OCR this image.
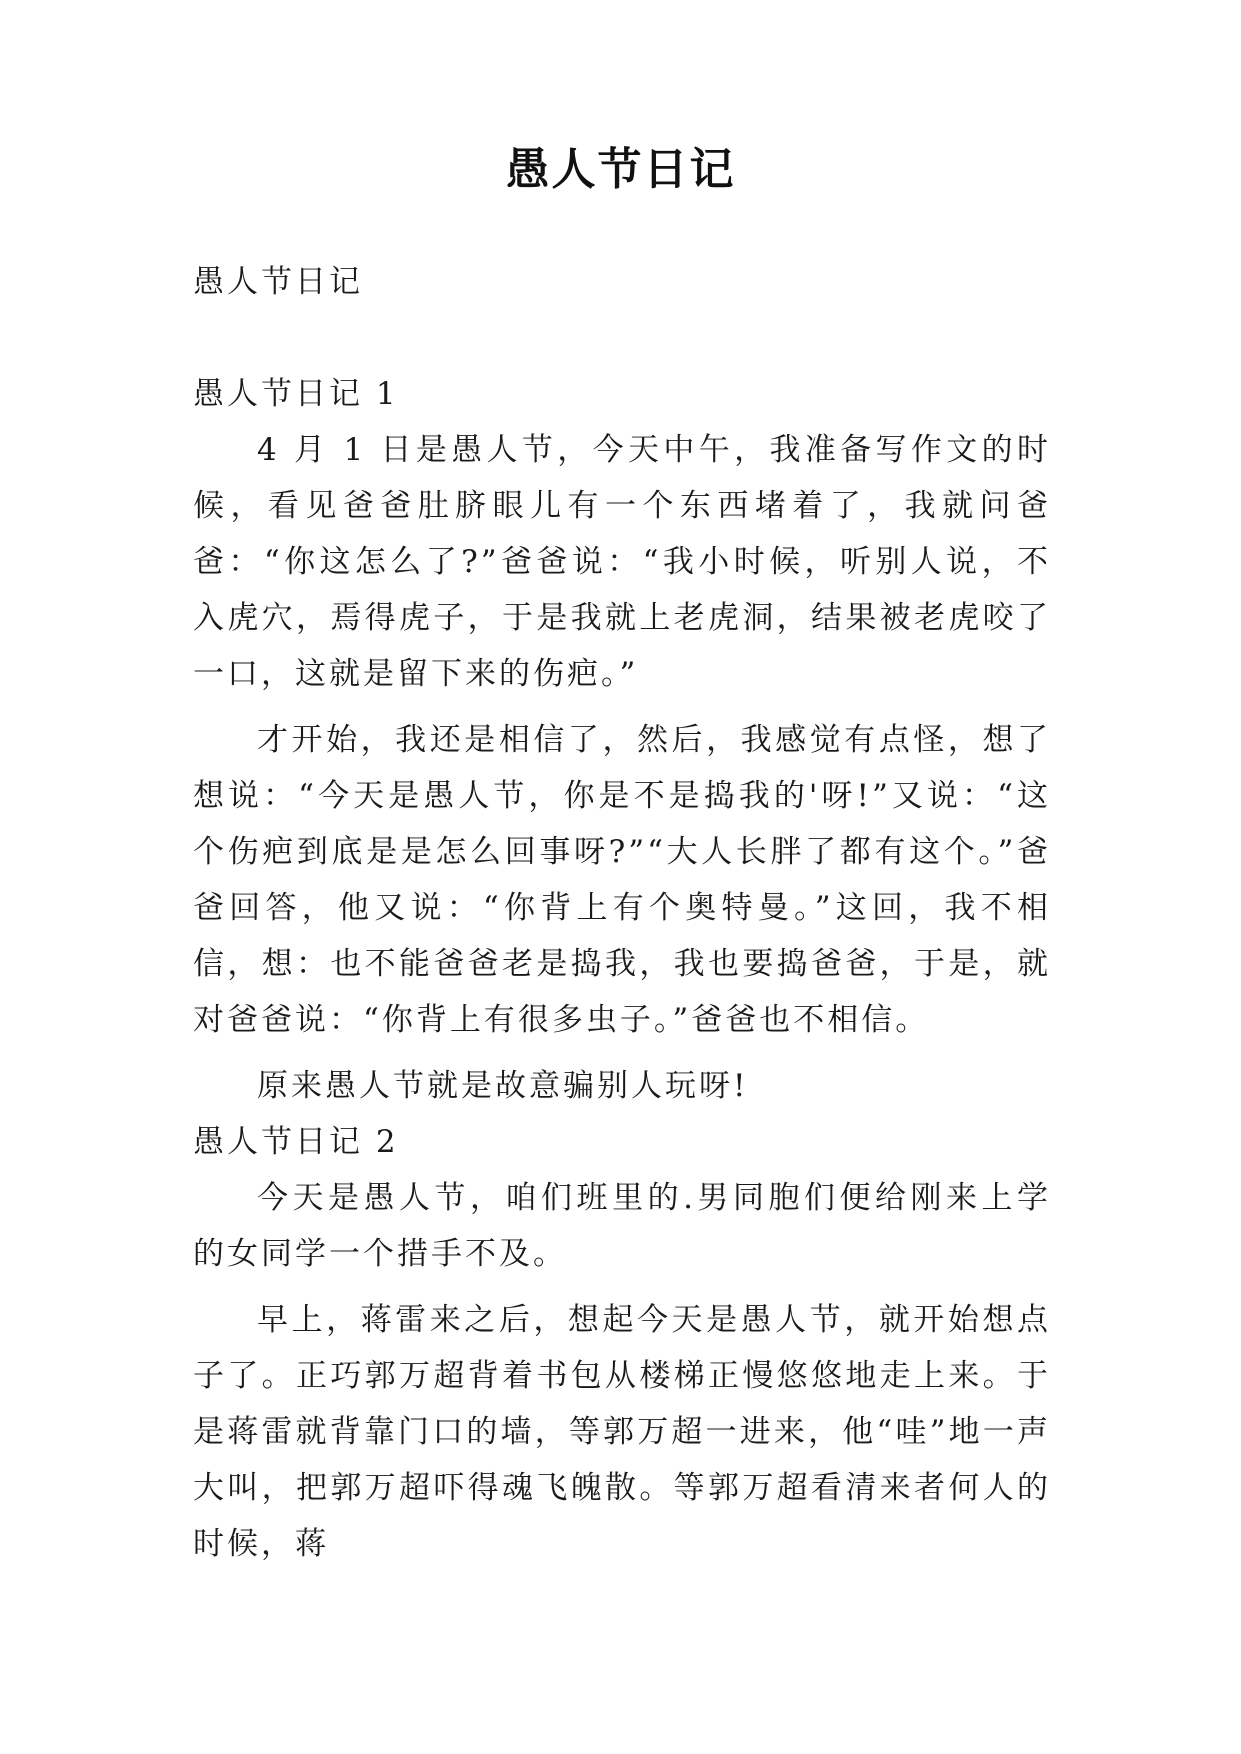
愚人节日记

愚人节日记

愚人节日记 1

4 月 1 日是愚人节，今天中午，我准备写作文的时候，看见爸爸肚脐眼儿有一个东西堵着了，我就问爸爸：“你这怎么了?”爸爸说：“我小时候，听别人说，不入虎穴，焉得虎子，于是我就上老虎洞，结果被老虎咬了一口，这就是留下来的伤疤。”

才开始，我还是相信了，然后，我感觉有点怪，想了想说：“今天是愚人节，你是不是捣我的'呀!”又说：“这个伤疤到底是是怎么回事呀?”“大人长胖了都有这个。”爸爸回答，他又说：“你背上有个奥特曼。”这回，我不相信，想：也不能爸爸老是捣我，我也要捣爸爸，于是，就对爸爸说：“你背上有很多虫子。”爸爸也不相信。

原来愚人节就是故意骗别人玩呀!

愚人节日记 2

今天是愚人节，咱们班里的.男同胞们便给刚来上学的女同学一个措手不及。

早上，蒋雷来之后，想起今天是愚人节，就开始想点子了。正巧郭万超背着书包从楼梯正慢悠悠地走上来。于是蒋雷就背靠门口的墙，等郭万超一进来，他“哇”地一声大叫，把郭万超吓得魂飞魄散。等郭万超看清来者何人的时候，蒋
